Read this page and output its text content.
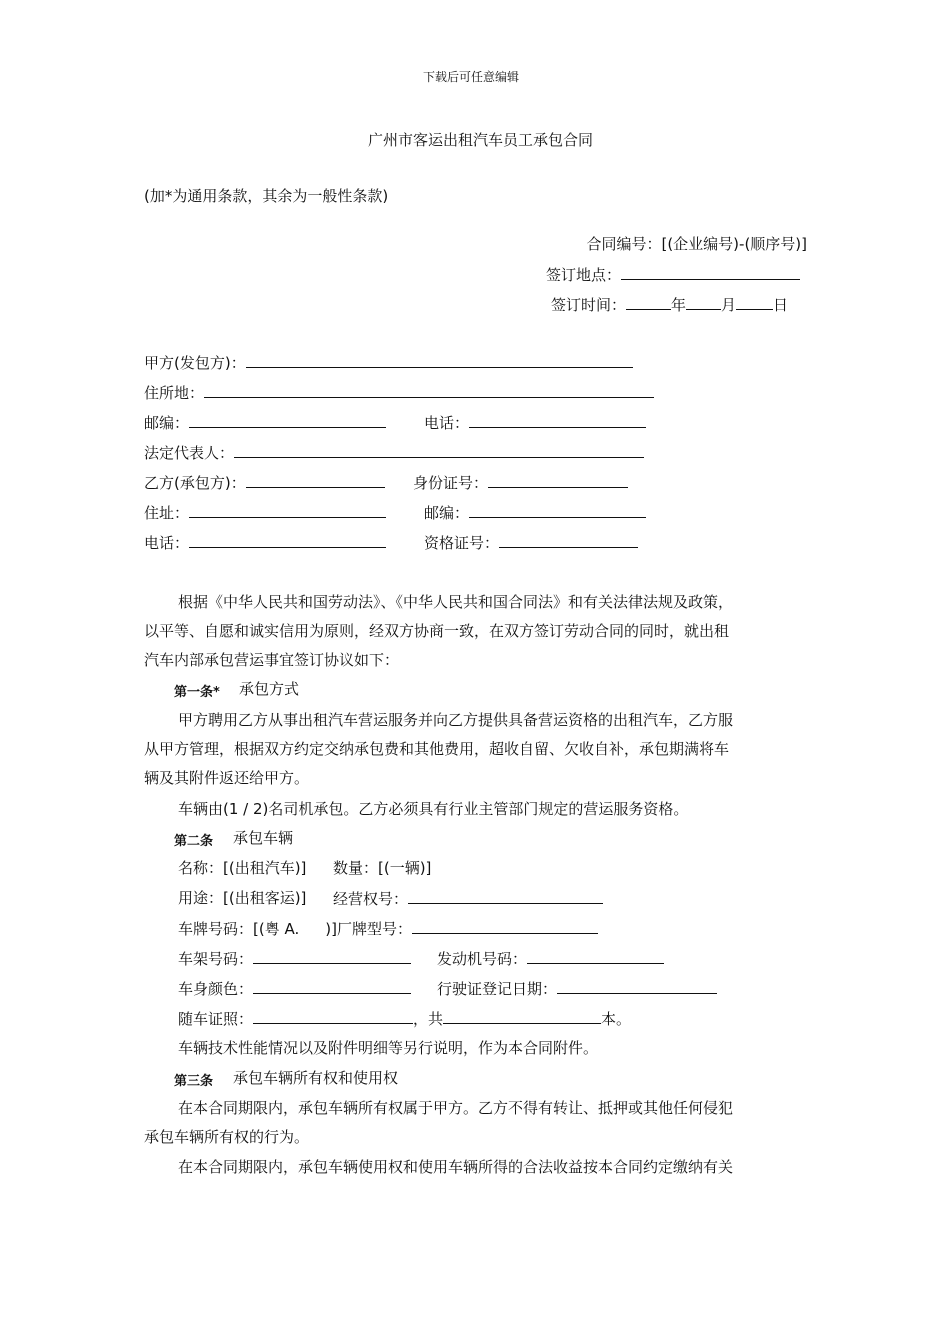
下载后可任意编辑
广州市客运出租汽车员工承包合同
(加*为通用条款，其余为一般性条款)
合同编号：[(企业编号)-(顺序号)]
签订地点：
签订时间：	年 月 日
甲方(发包方)：
住所地：
邮编：	电话：
法定代表人：
乙方(承包方)：	身份证号：
住址：	邮编：
电话：	资格证号：
根据《中华人民共和国劳动法》、《中华人民共和国合同法》和有关法律法规及政策，
以平等、自愿和诚实信用为原则，经双方协商一致，在双方签订劳动合同的同时，就出租
汽车内部承包营运事宜签订协议如下：
第一条* 承包方式
甲方聘用乙方从事出租汽车营运服务并向乙方提供具备营运资格的出租汽车，乙方服
从甲方管理，根据双方约定交纳承包费和其他费用，超收自留、欠收自补，承包期满将车
辆及其附件返还给甲方。
车辆由(1 / 2)名司机承包。乙方必须具有行业主管部门规定的营运服务资格。
第二条 承包车辆
名称：[(出租汽车)] 数量：[(一辆)]
用途：[(出租客运)] 经营权号：
车牌号码：[(粤 A. )]厂牌型号：
车架号码：	发动机号码：
车身颜色：	行驶证登记日期：
随车证照：	，共	本。
车辆技术性能情况以及附件明细等另行说明，作为本合同附件。
第三条 承包车辆所有权和使用权
在本合同期限内，承包车辆所有权属于甲方。乙方不得有转让、抵押或其他任何侵犯
承包车辆所有权的行为。
在本合同期限内，承包车辆使用权和使用车辆所得的合法收益按本合同约定缴纳有关
